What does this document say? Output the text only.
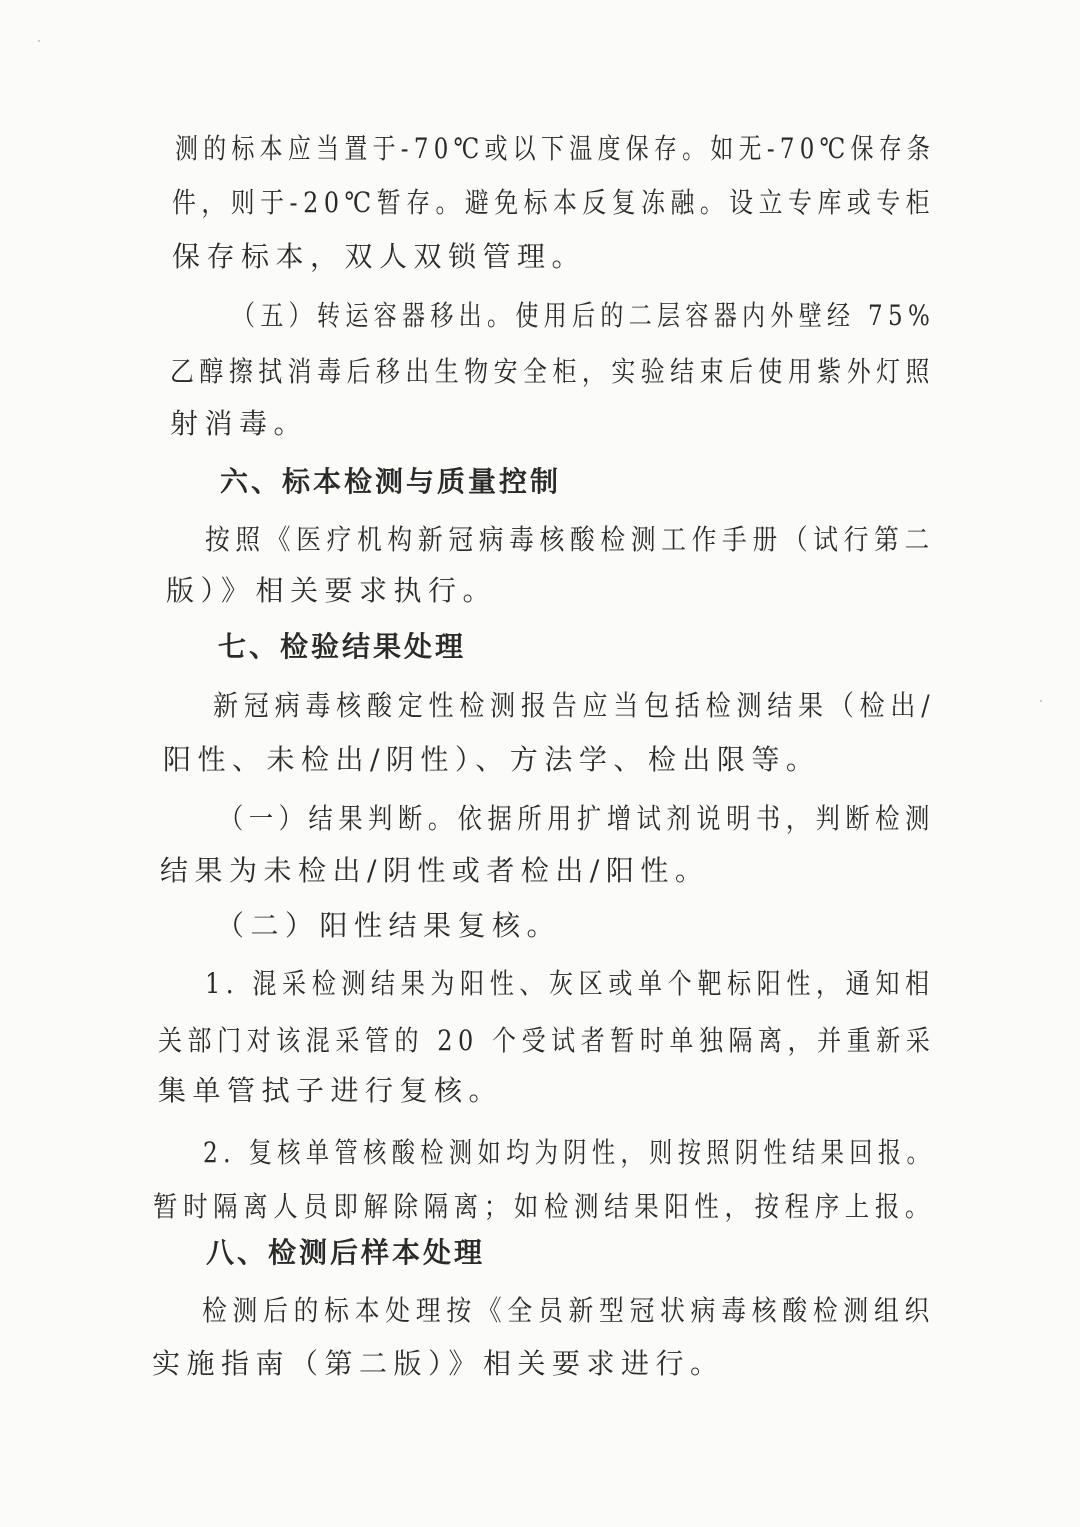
测的标本应当置于-70℃或以下温度保存。如无-70℃保存条
件，则于-20℃暂存。避免标本反复冻融。设立专库或专柜
保存标本，双人双锁管理。
（五）转运容器移出。使用后的二层容器内外壁经 75%
乙醇擦拭消毒后移出生物安全柜，实验结束后使用紫外灯照
射消毒。
六、标本检测与质量控制
按照《医疗机构新冠病毒核酸检测工作手册（试行第二
版）》相关要求执行。
七、检验结果处理
新冠病毒核酸定性检测报告应当包括检测结果（检出/
阳性、未检出/阴性）、方法学、检出限等。
（一）结果判断。依据所用扩增试剂说明书，判断检测
结果为未检出/阴性或者检出/阳性。
（二）阳性结果复核。
1. 混采检测结果为阳性、灰区或单个靶标阳性，通知相
关部门对该混采管的 20 个受试者暂时单独隔离，并重新采
集单管拭子进行复核。
2. 复核单管核酸检测如均为阴性，则按照阴性结果回报。
暂时隔离人员即解除隔离；如检测结果阳性，按程序上报。
八、检测后样本处理
检测后的标本处理按《全员新型冠状病毒核酸检测组织
实施指南（第二版）》相关要求进行。
